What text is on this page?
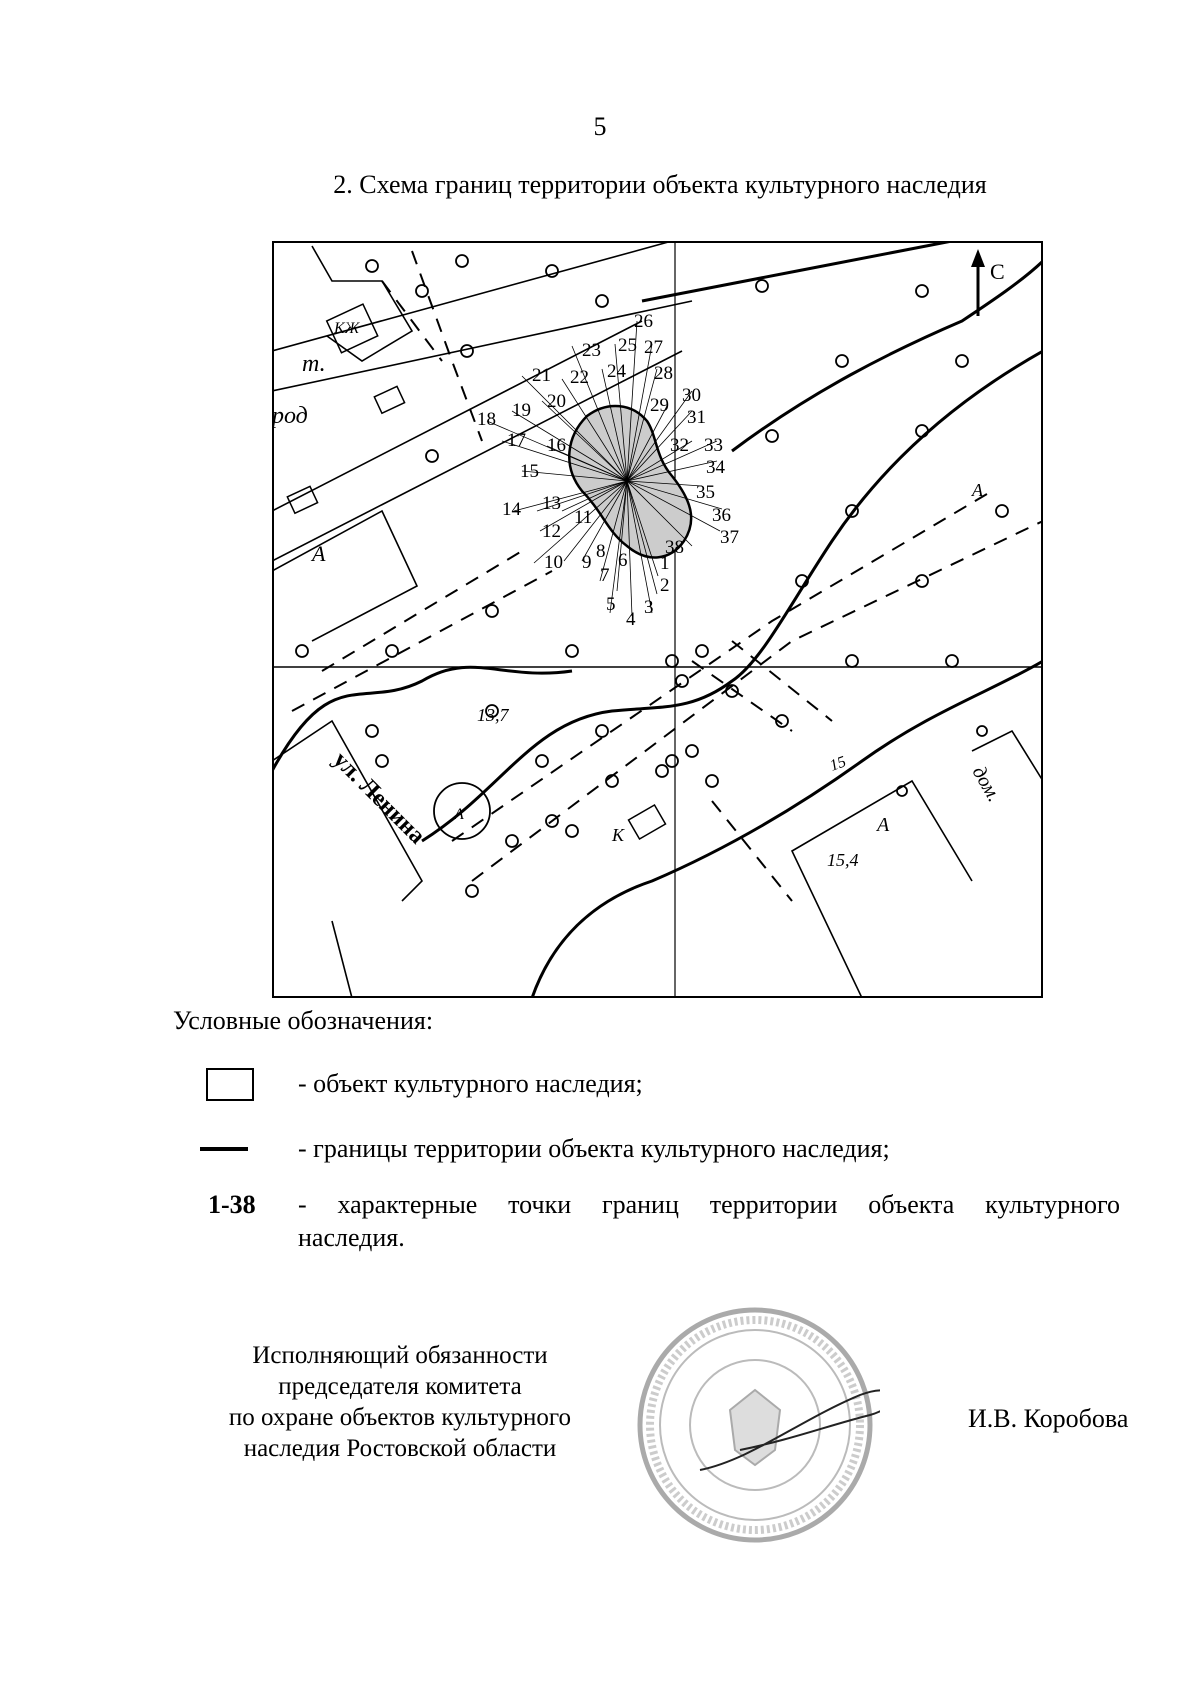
5
2. Схема границ территории объекта культурного наследия
1
2
3
4
5
6
7
8
9
10
11
12
13
14
15
16
17
18 19 20
21 22
23
24
25
26
27
28
29 30
31
32 33
34
35
36
37
38
т.
род
КЖ
А
А	А
А
К
дом.
15
13,7
15,4
ул. Ленина
С
Условные обозначения:
- объект культурного наследия;
- границы территории объекта культурного наследия;
1-38 - характерные точки границ территории объекта культурного
наследия.
Исполняющий обязанности
председателя комитета
по охране объектов культурного
наследия Ростовской области
И.В. Коробова
